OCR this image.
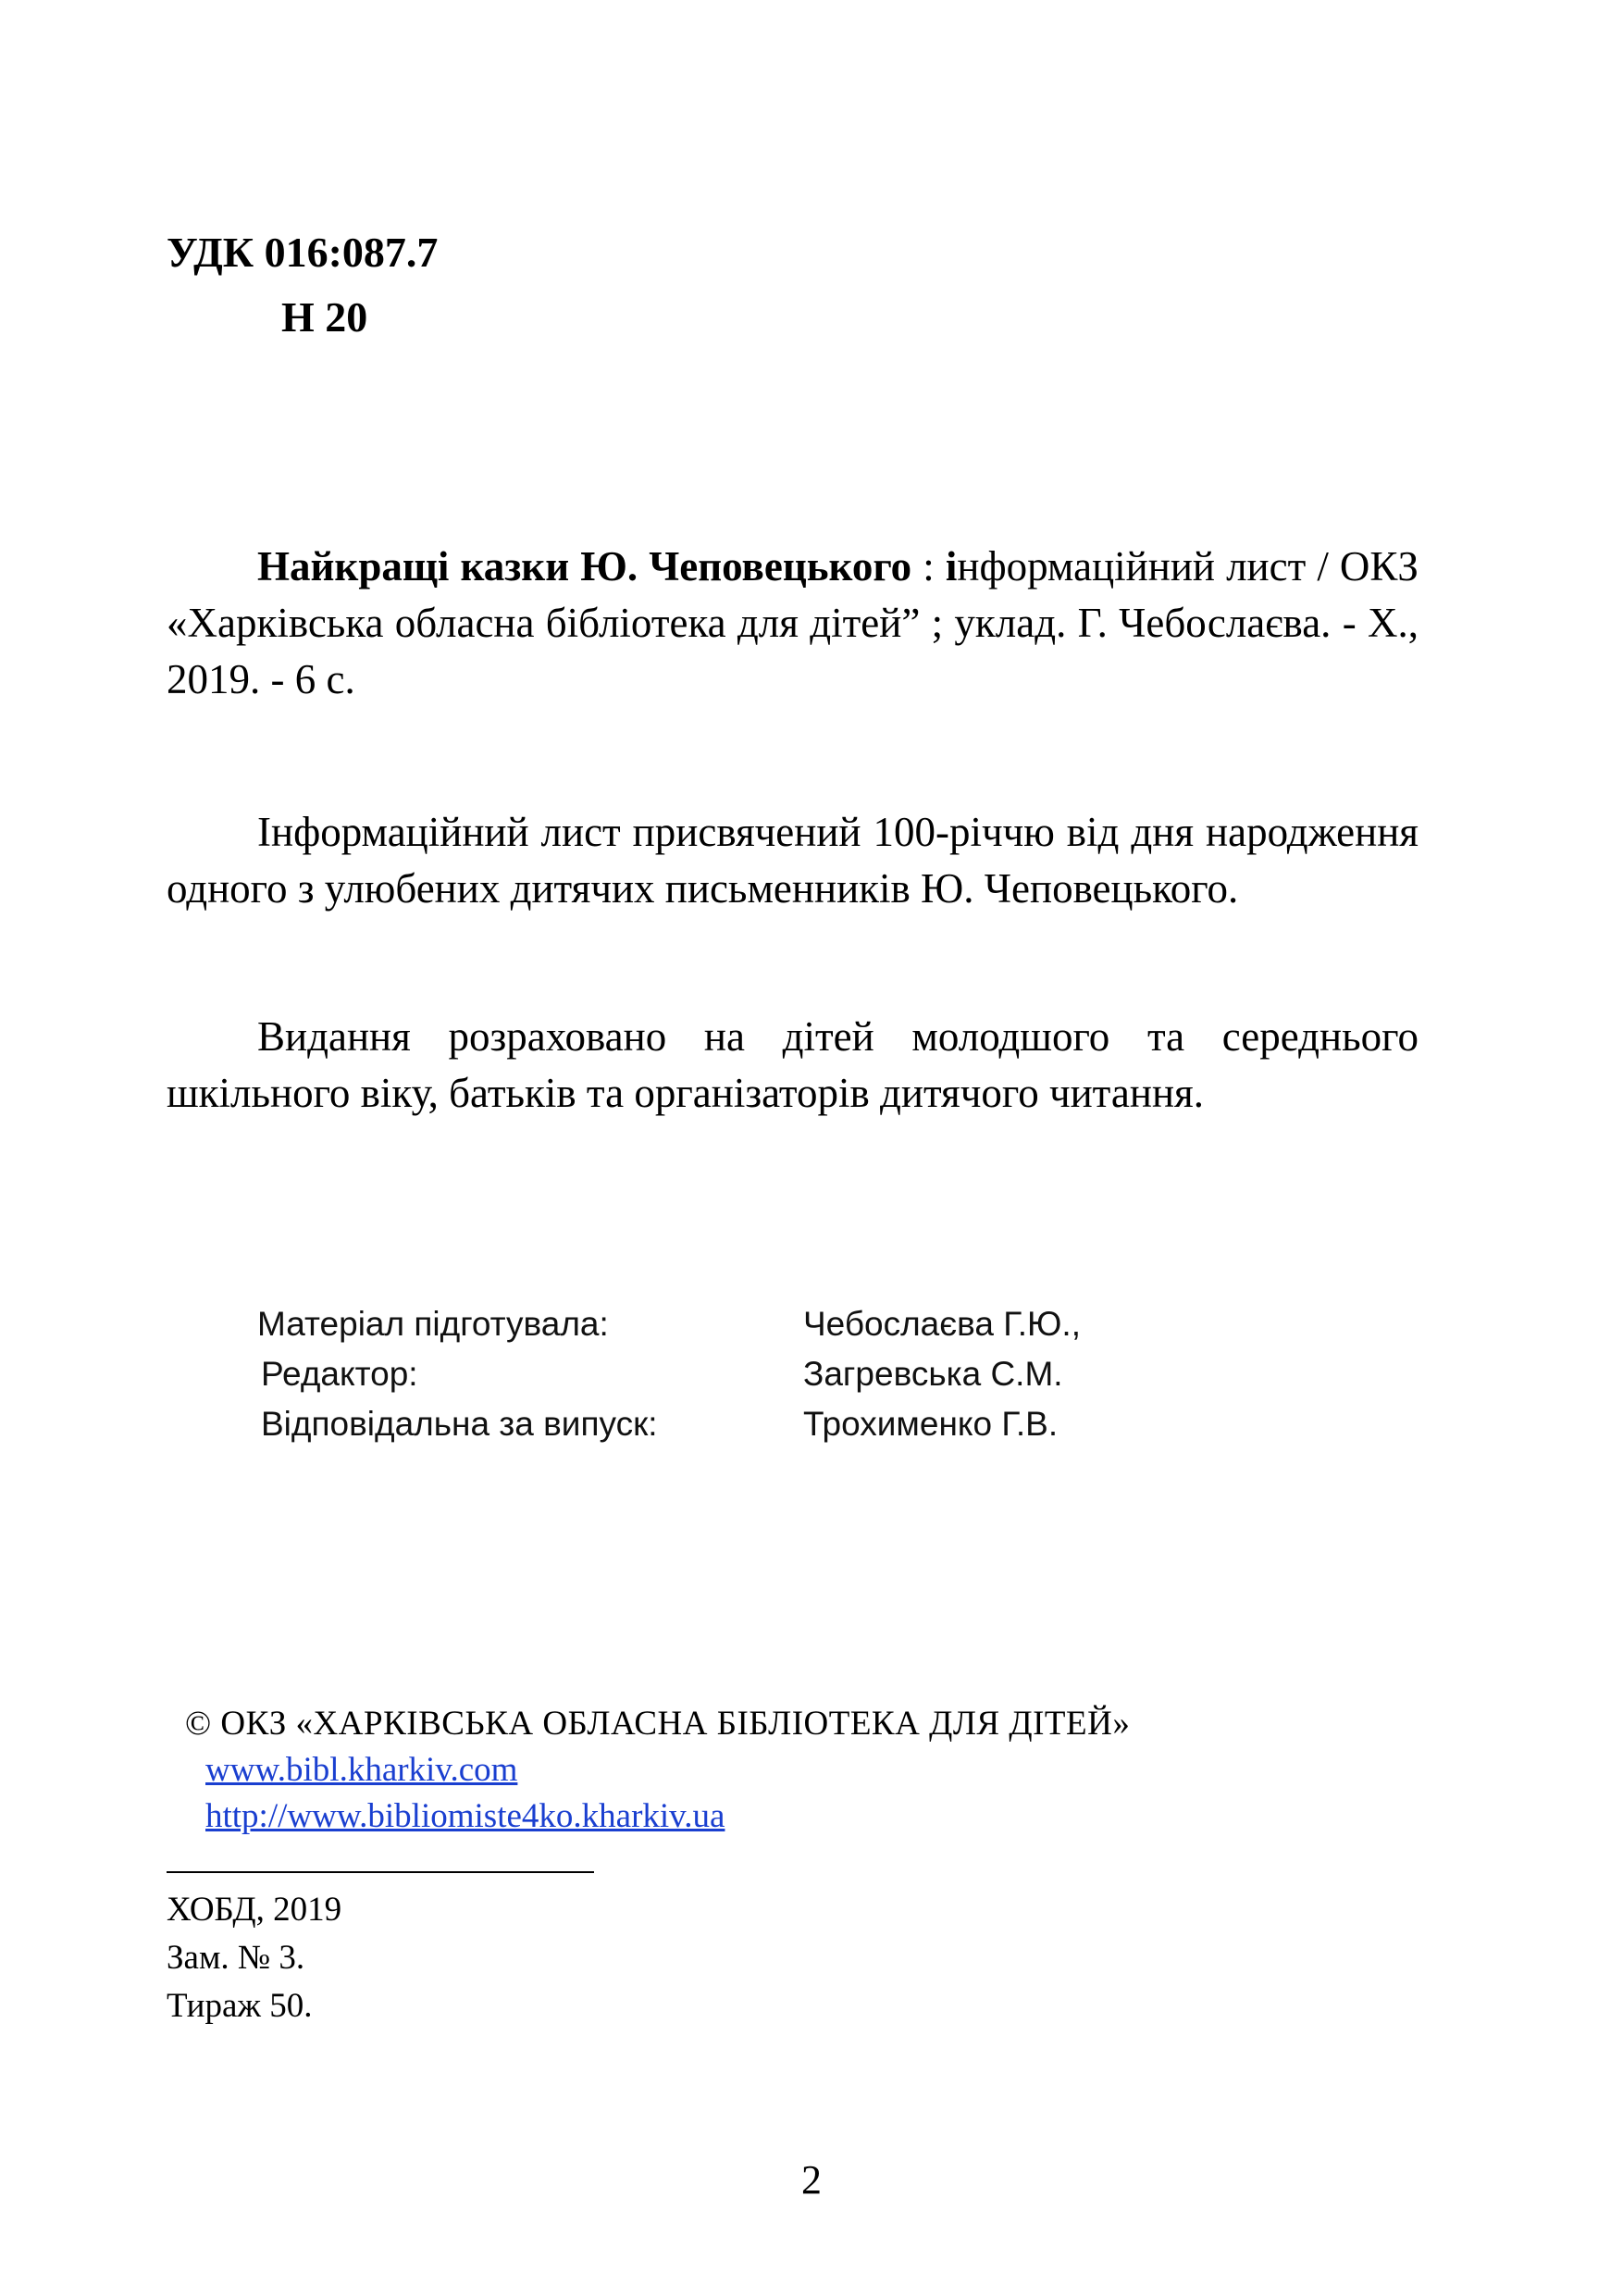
УДК 016:087.7
Н 20

Найкращі казки Ю. Чеповецького : інформаційний лист / ОКЗ «Харківська обласна бібліотека для дітей” ; уклад. Г. Чебослаєва. - Х., 2019. - 6 с.

Інформаційний лист присвячений 100-річчю від дня народження одного з улюбених дитячих письменників Ю. Чеповецького.

Видання розраховано на дітей молодшого та середнього шкільного віку, батьків та організаторів дитячого читання.

Матеріал підготувала:	Чебослаєва Г.Ю.,
Редактор:	Загревська С.М.
Відповідальна за випуск:	Трохименко Г.В.
© ОКЗ «ХАРКІВСЬКА ОБЛАСНА БІБЛІОТЕКА ДЛЯ ДІТЕЙ»
www.bibl.kharkiv.com
http://www.bibliomiste4ko.kharkiv.ua
ХОБД, 2019
Зам. № 3.
Тираж 50.
2
